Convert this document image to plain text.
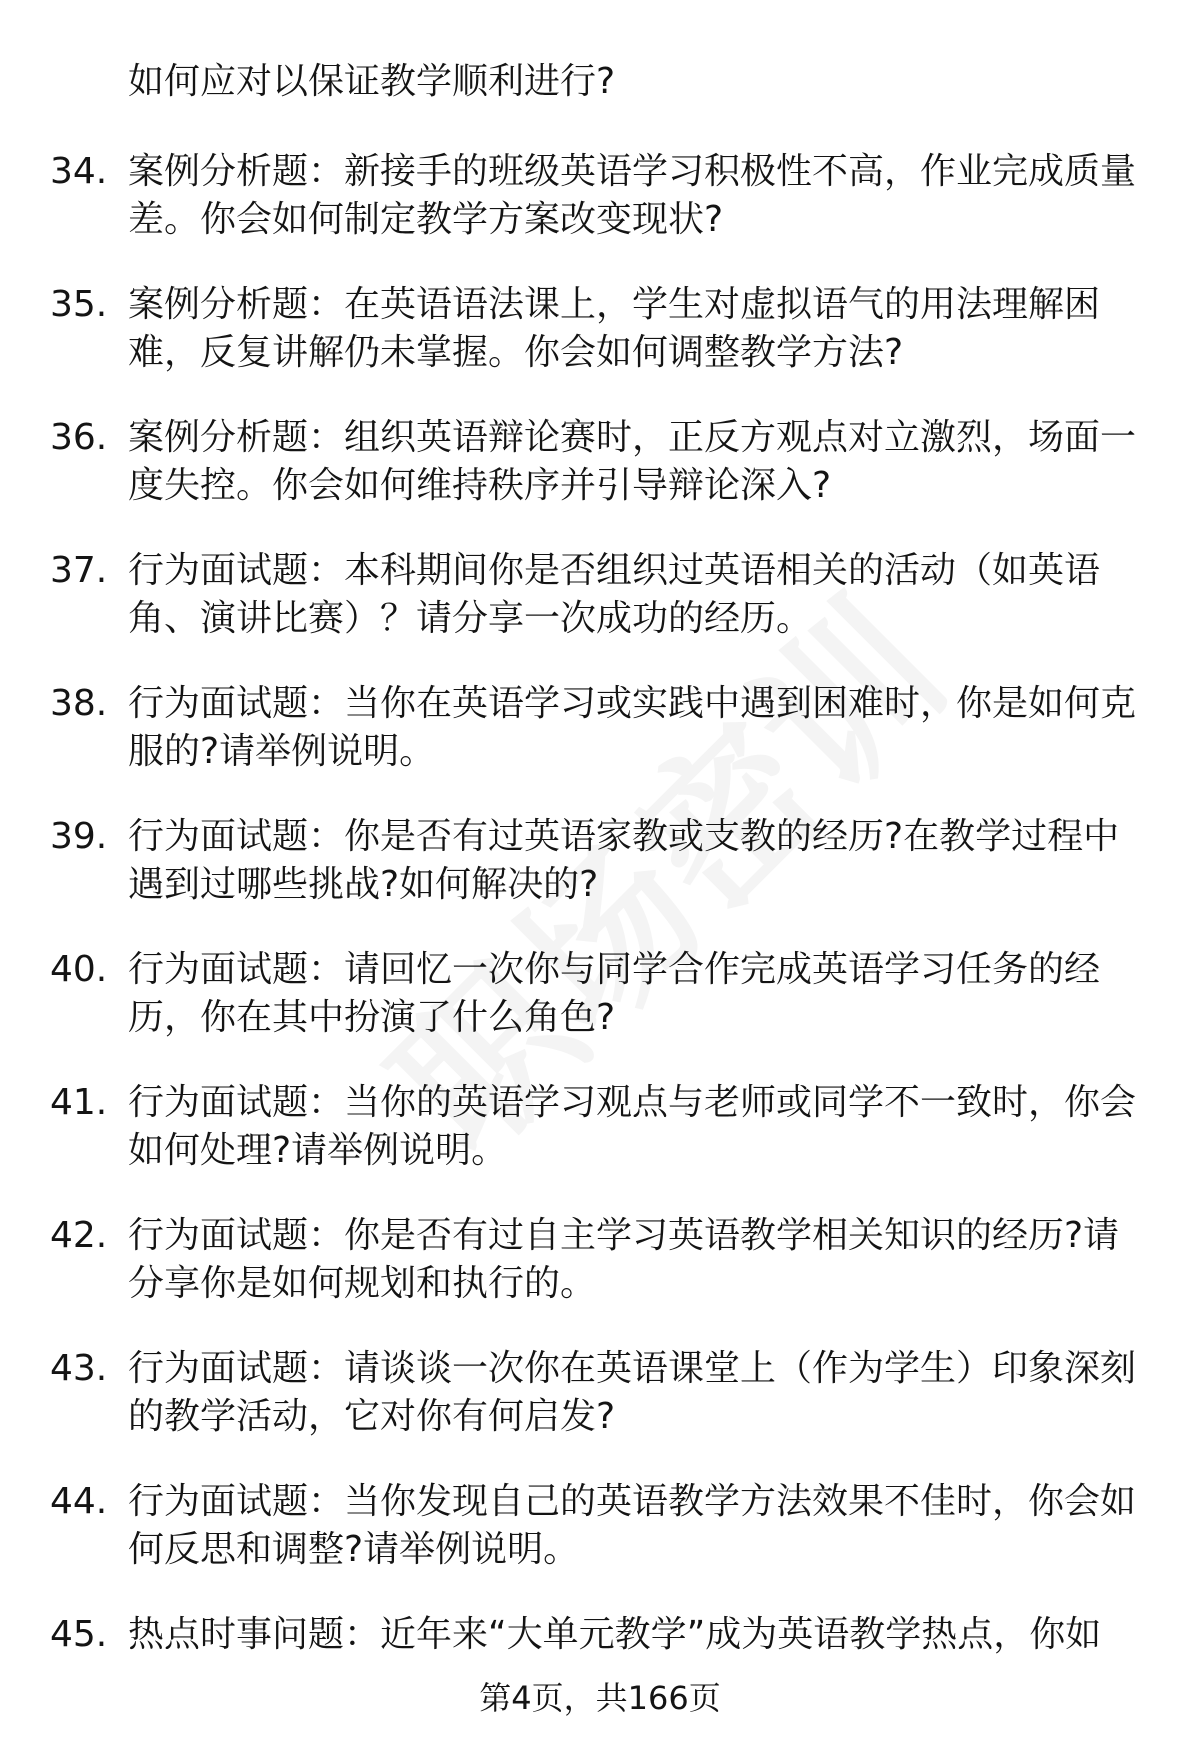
如何应对以保证教学顺利进行?
34. 案例分析题：新接手的班级英语学习积极性不高，作业完成质量差。你会如何制定教学方案改变现状?
35. 案例分析题：在英语语法课上，学生对虚拟语气的用法理解困难，反复讲解仍未掌握。你会如何调整教学方法?
36. 案例分析题：组织英语辩论赛时，正反方观点对立激烈，场面一度失控。你会如何维持秩序并引导辩论深入?
37. 行为面试题：本科期间你是否组织过英语相关的活动（如英语角、演讲比赛）？请分享一次成功的经历。
38. 行为面试题：当你在英语学习或实践中遇到困难时，你是如何克服的?请举例说明。
39. 行为面试题：你是否有过英语家教或支教的经历?在教学过程中遇到过哪些挑战?如何解决的?
40. 行为面试题：请回忆一次你与同学合作完成英语学习任务的经历，你在其中扮演了什么角色?
41. 行为面试题：当你的英语学习观点与老师或同学不一致时，你会如何处理?请举例说明。
42. 行为面试题：你是否有过自主学习英语教学相关知识的经历?请分享你是如何规划和执行的。
43. 行为面试题：请谈谈一次你在英语课堂上（作为学生）印象深刻的教学活动，它对你有何启发?
44. 行为面试题：当你发现自己的英语教学方法效果不佳时，你会如何反思和调整?请举例说明。
45. 热点时事问题：近年来“大单元教学”成为英语教学热点，你如
第4页，共166页
